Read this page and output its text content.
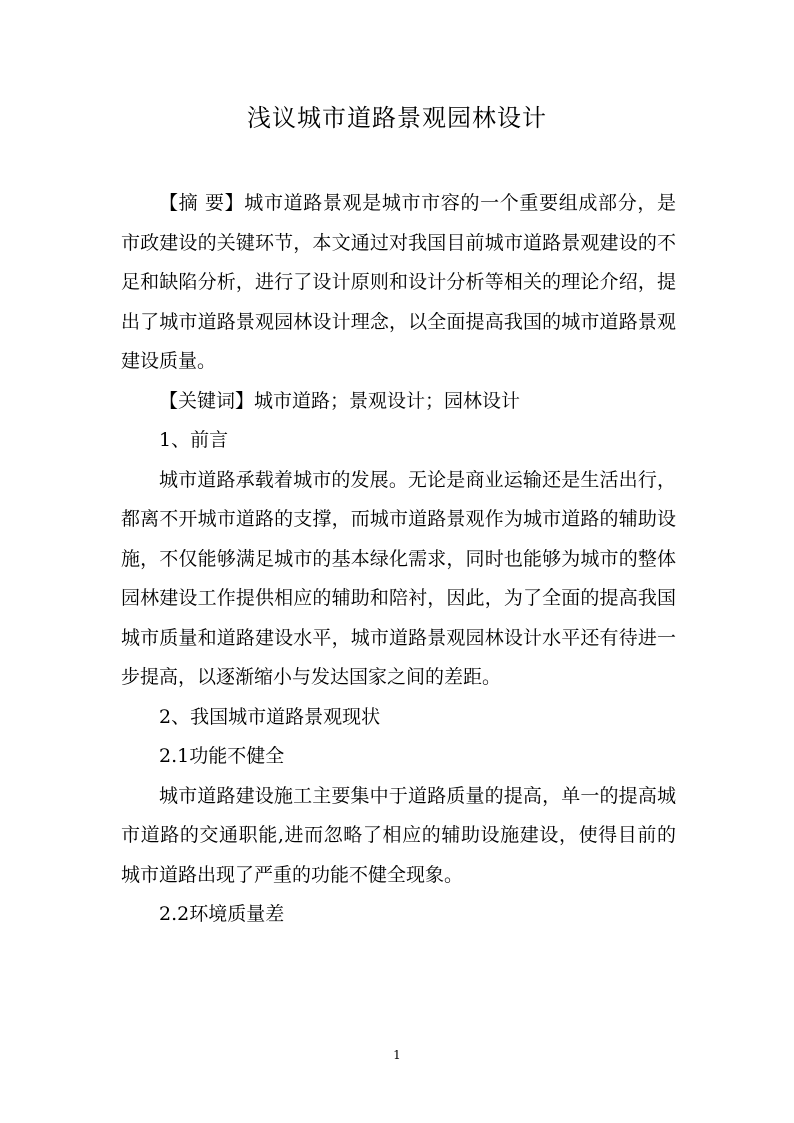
浅议城市道路景观园林设计

【摘 要】城市道路景观是城市市容的一个重要组成部分，是市政建设的关键环节，本文通过对我国目前城市道路景观建设的不足和缺陷分析，进行了设计原则和设计分析等相关的理论介绍，提出了城市道路景观园林设计理念，以全面提高我国的城市道路景观建设质量。

【关键词】城市道路；景观设计；园林设计

1、前言

城市道路承载着城市的发展。无论是商业运输还是生活出行，都离不开城市道路的支撑，而城市道路景观作为城市道路的辅助设施，不仅能够满足城市的基本绿化需求，同时也能够为城市的整体园林建设工作提供相应的辅助和陪衬，因此，为了全面的提高我国城市质量和道路建设水平，城市道路景观园林设计水平还有待进一步提高，以逐渐缩小与发达国家之间的差距。

2、我国城市道路景观现状

2.1功能不健全

城市道路建设施工主要集中于道路质量的提高，单一的提高城市道路的交通职能,进而忽略了相应的辅助设施建设，使得目前的城市道路出现了严重的功能不健全现象。

2.2环境质量差

1
